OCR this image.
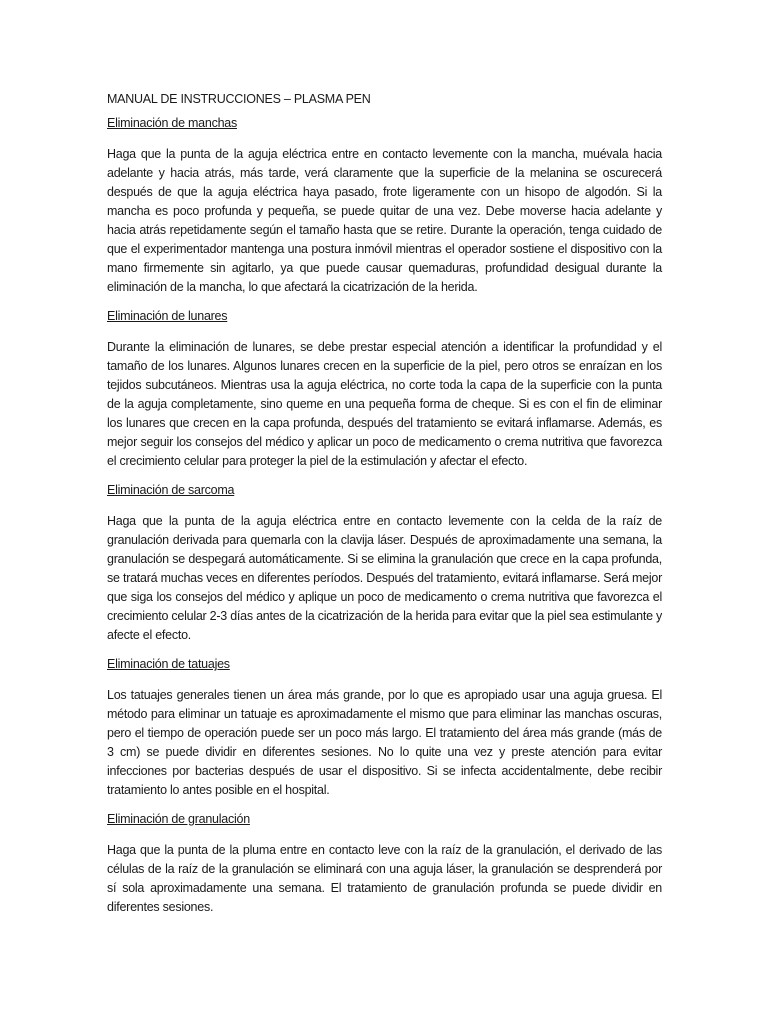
MANUAL DE INSTRUCCIONES – PLASMA PEN

Eliminación de manchas

Haga que la punta de la aguja eléctrica entre en contacto levemente con la mancha, muévala hacia adelante y hacia atrás, más tarde, verá claramente que la superficie de la melanina se oscurecerá después de que la aguja eléctrica haya pasado, frote ligeramente con un hisopo de algodón. Si la mancha es poco profunda y pequeña, se puede quitar de una vez. Debe moverse hacia adelante y hacia atrás repetidamente según el tamaño hasta que se retire. Durante la operación, tenga cuidado de que el experimentador mantenga una postura inmóvil mientras el operador sostiene el dispositivo con la mano firmemente sin agitarlo, ya que puede causar quemaduras, profundidad desigual durante la eliminación de la mancha, lo que afectará la cicatrización de la herida.

Eliminación de lunares

Durante la eliminación de lunares, se debe prestar especial atención a identificar la profundidad y el tamaño de los lunares. Algunos lunares crecen en la superficie de la piel, pero otros se enraízan en los tejidos subcutáneos. Mientras usa la aguja eléctrica, no corte toda la capa de la superficie con la punta de la aguja completamente, sino queme en una pequeña forma de cheque. Si es con el fin de eliminar los lunares que crecen en la capa profunda, después del tratamiento se evitará inflamarse. Además, es mejor seguir los consejos del médico y aplicar un poco de medicamento o crema nutritiva que favorezca el crecimiento celular para proteger la piel de la estimulación y afectar el efecto.

Eliminación de sarcoma

Haga que la punta de la aguja eléctrica entre en contacto levemente con la celda de la raíz de granulación derivada para quemarla con la clavija láser. Después de aproximadamente una semana, la granulación se despegará automáticamente. Si se elimina la granulación que crece en la capa profunda, se tratará muchas veces en diferentes períodos. Después del tratamiento, evitará inflamarse. Será mejor que siga los consejos del médico y aplique un poco de medicamento o crema nutritiva que favorezca el crecimiento celular 2-3 días antes de la cicatrización de la herida para evitar que la piel sea estimulante y afecte el efecto.

Eliminación de tatuajes

Los tatuajes generales tienen un área más grande, por lo que es apropiado usar una aguja gruesa. El método para eliminar un tatuaje es aproximadamente el mismo que para eliminar las manchas oscuras, pero el tiempo de operación puede ser un poco más largo. El tratamiento del área más grande (más de 3 cm) se puede dividir en diferentes sesiones. No lo quite una vez y preste atención para evitar infecciones por bacterias después de usar el dispositivo. Si se infecta accidentalmente, debe recibir tratamiento lo antes posible en el hospital.

Eliminación de granulación

Haga que la punta de la pluma entre en contacto leve con la raíz de la granulación, el derivado de las células de la raíz de la granulación se eliminará con una aguja láser, la granulación se desprenderá por sí sola aproximadamente una semana. El tratamiento de granulación profunda se puede dividir en diferentes sesiones.
